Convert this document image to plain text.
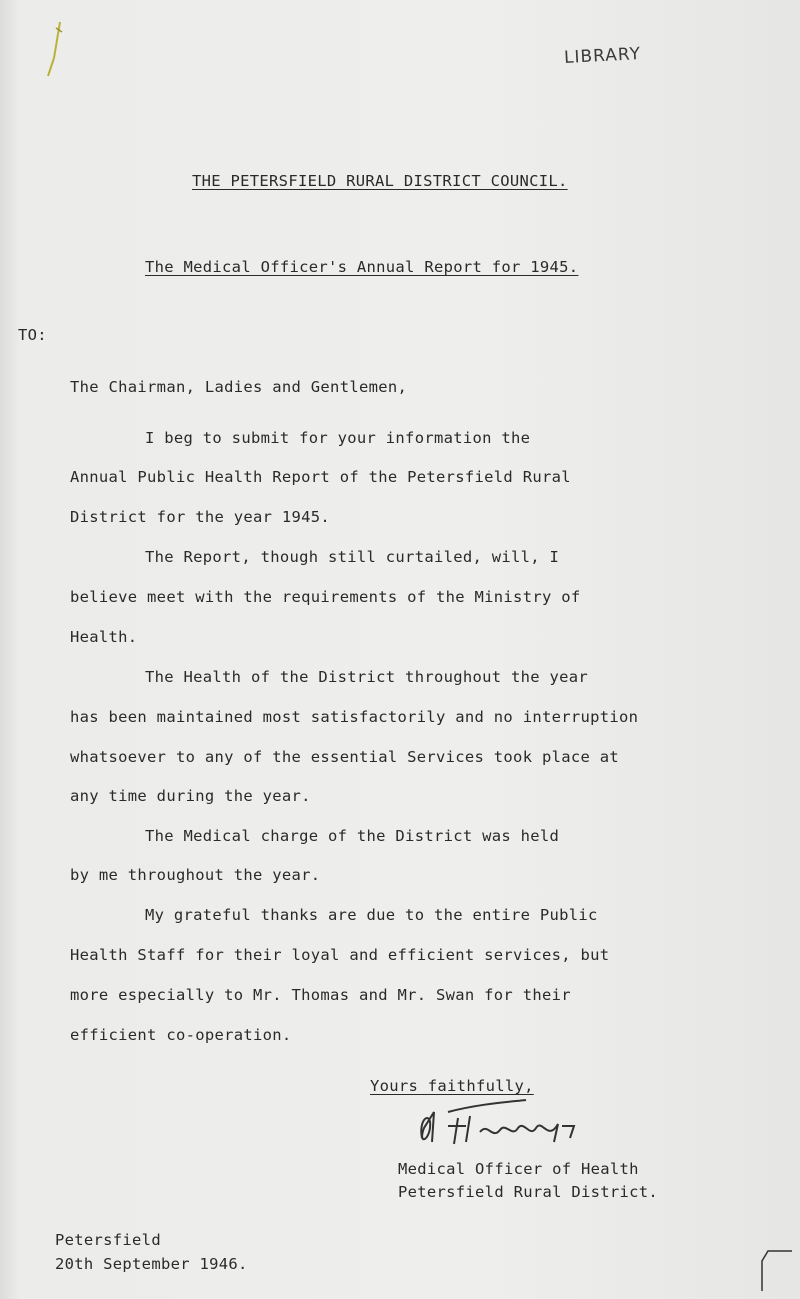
LIBRARY
THE PETERSFIELD RURAL DISTRICT COUNCIL.
The Medical Officer's Annual Report for 1945.
TO:
The Chairman, Ladies and Gentlemen,
I beg to submit for your information the
Annual Public Health Report of the Petersfield Rural
District for the year 1945.
The Report, though still curtailed, will, I
believe meet with the requirements of the Ministry of
Health.
The Health of the District throughout the year
has been maintained most satisfactorily and no interruption
whatsoever to any of the essential Services took place at
any time during the year.
The Medical charge of the District was held
by me throughout the year.
My grateful thanks are due to the entire Public
Health Staff for their loyal and efficient services, but
more especially to Mr. Thomas and Mr. Swan for their
efficient co-operation.
Yours faithfully,
Medical Officer of Health
Petersfield Rural District.
Petersfield
20th September 1946.
